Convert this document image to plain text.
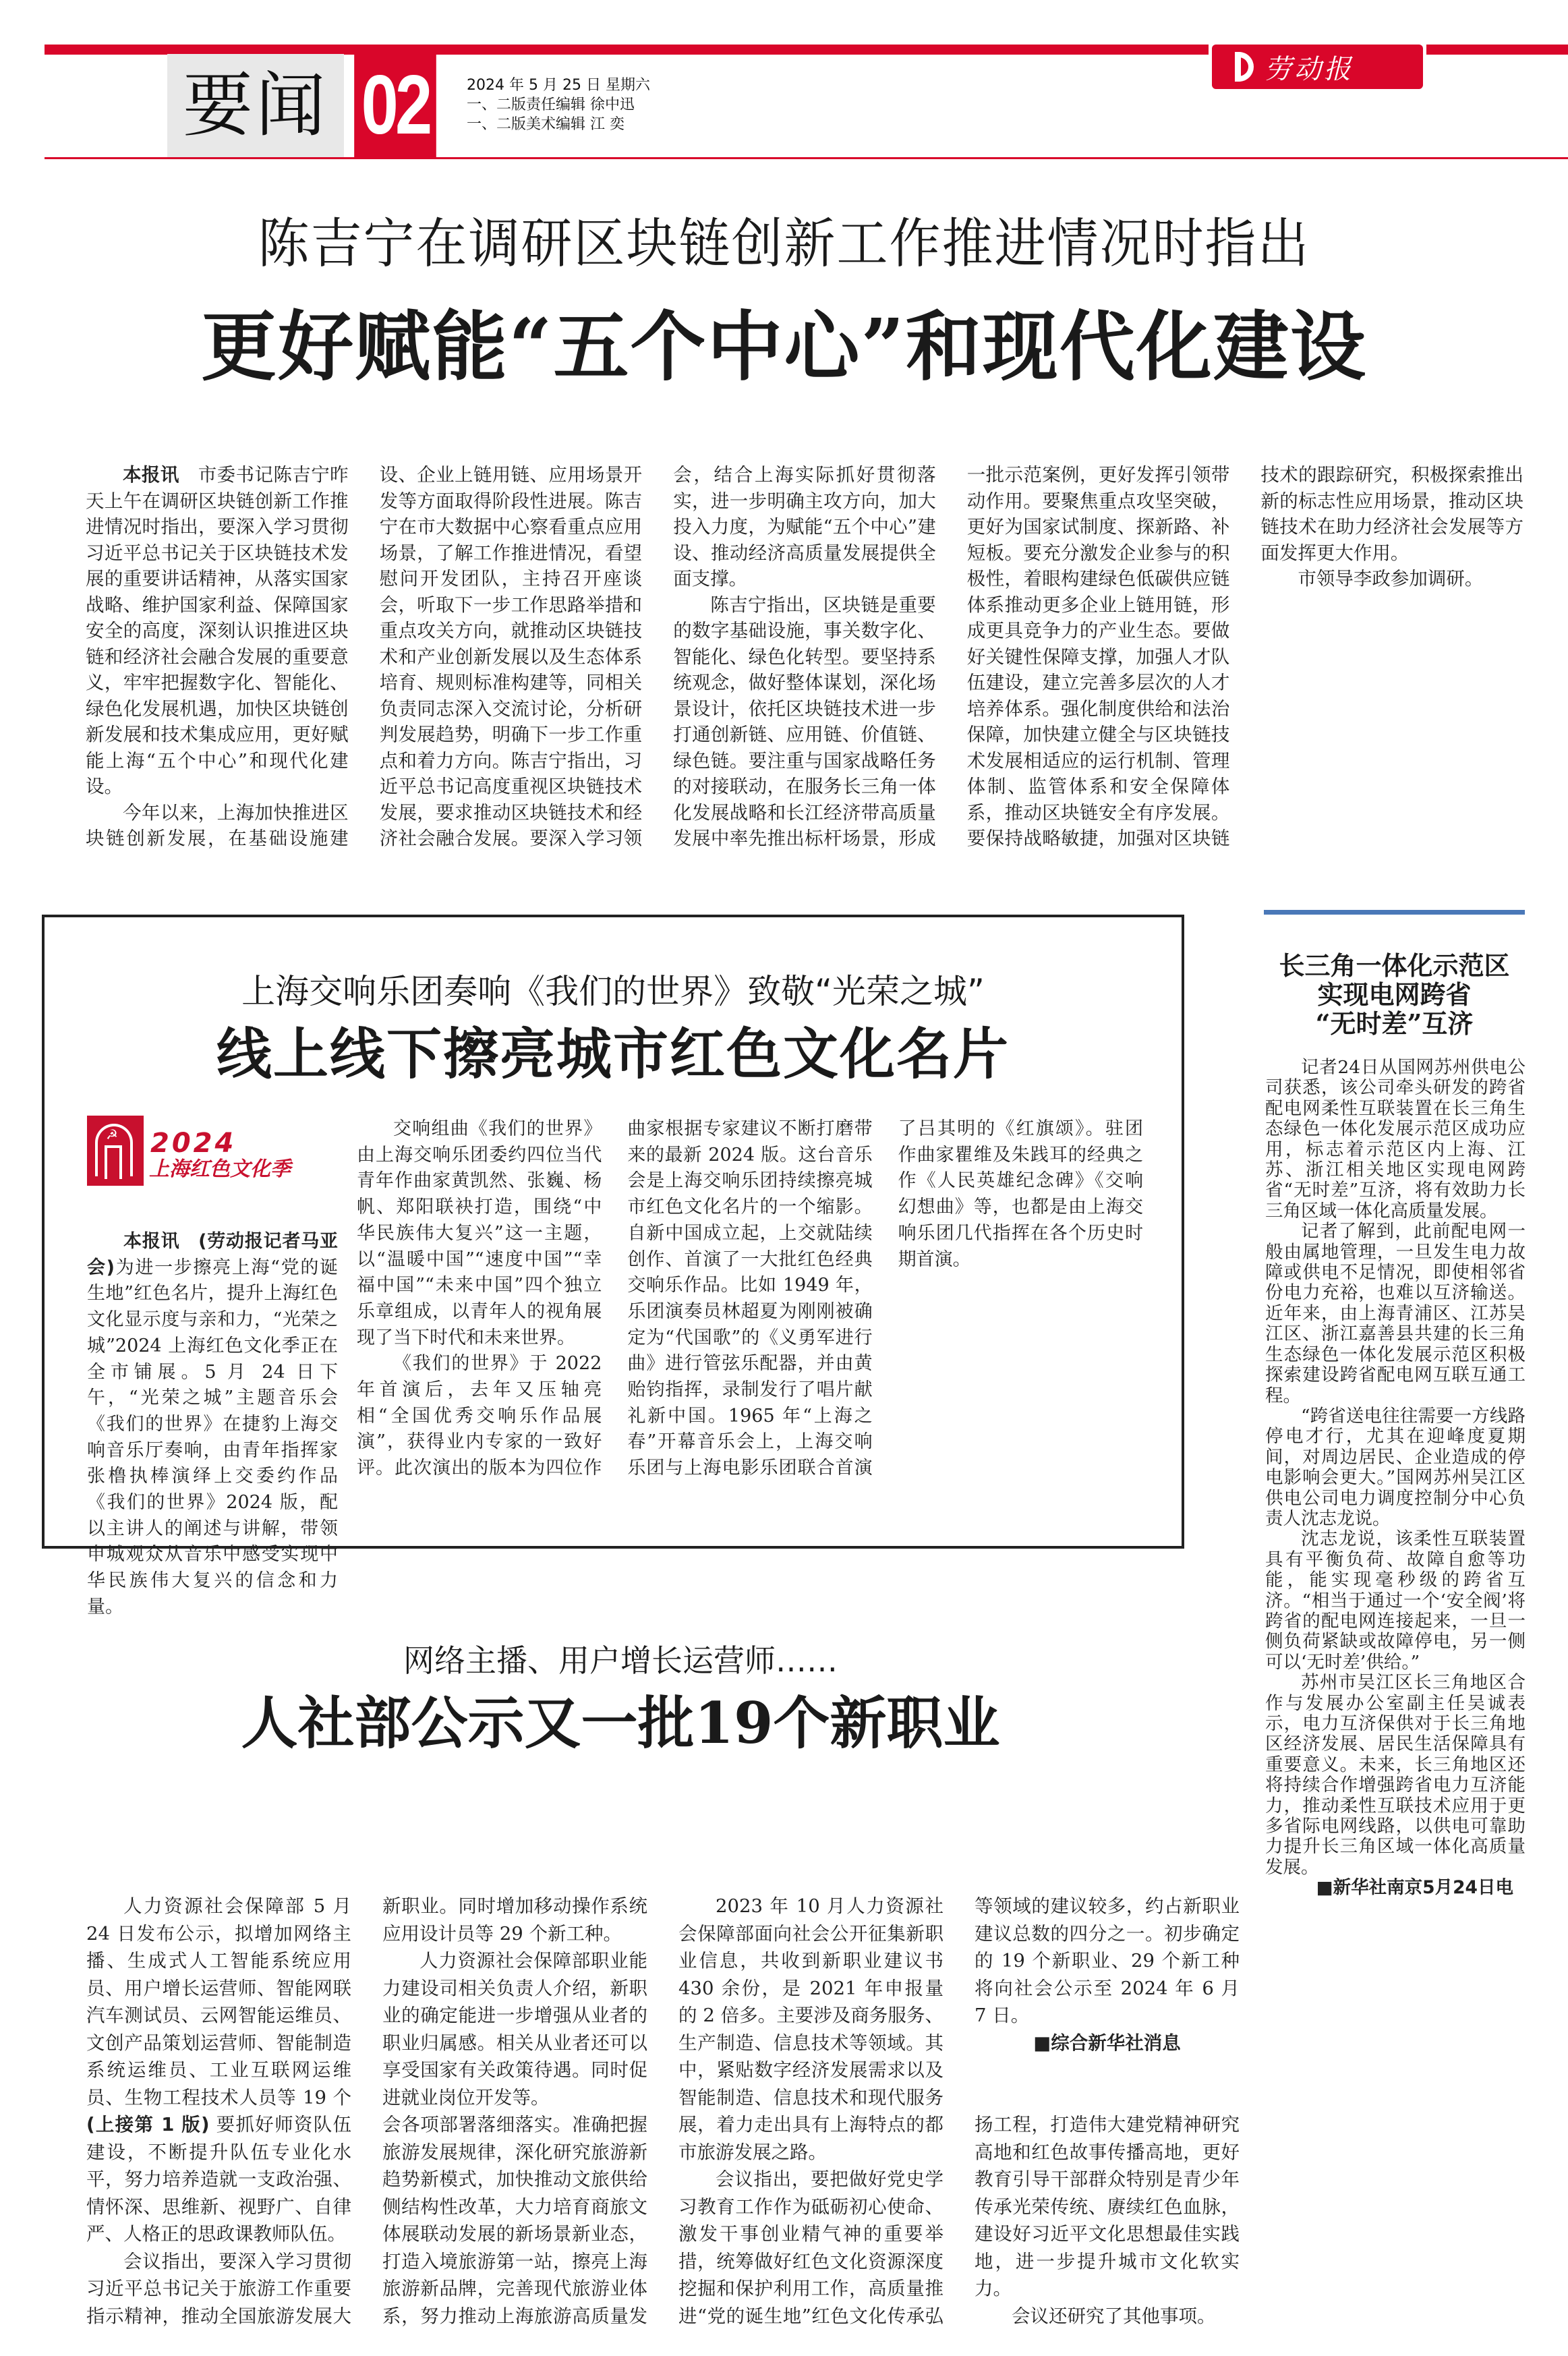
要闻 02	2024 年 5 月 25 日 星期六
一、二版责任编辑 徐中迅
一、二版美术编辑 江 奕
劳动报
陈吉宁在调研区块链创新工作推进情况时指出
更好赋能“五个中心”和现代化建设

本报讯　 市委书记陈吉宁昨天上午在调研区块链创新工作推进情况时指出，要深入学习贯彻习近平总书记关于区块链技术发展的重要讲话精神，从落实国家战略、维护国家利益、保障国家安全的高度，深刻认识推进区块链和经济社会融合发展的重要意义，牢牢把握数字化、智能化、绿色化发展机遇，加快区块链创新发展和技术集成应用，更好赋能上海“五个中心”和现代化建设。

今年以来，上海加快推进区块链创新发展，在基础设施建设、企业上链用链、应用场景开发等方面取得阶段性进展。陈吉宁在市大数据中心察看重点应用场景，了解工作推进情况，看望慰问开发团队，主持召开座谈会，听取下一步工作思路举措和重点攻关方向，就推动区块链技术和产业创新发展以及生态体系培育、规则标准构建等，同相关负责同志深入交流讨论，分析研判发展趋势，明确下一步工作重点和着力方向。陈吉宁指出，习近平总书记高度重视区块链技术发展，要求推动区块链技术和经济社会融合发展。要深入学习领会，结合上海实际抓好贯彻落实，进一步明确主攻方向，加大投入力度，为赋能“五个中心”建设、推动经济高质量发展提供全面支撑。

陈吉宁指出，区块链是重要的数字基础设施，事关数字化、智能化、绿色化转型。要坚持系统观念，做好整体谋划，深化场景设计，依托区块链技术进一步打通创新链、应用链、价值链、绿色链。要注重与国家战略任务的对接联动，在服务长三角一体化发展战略和长江经济带高质量发展中率先推出标杆场景，形成一批示范案例，更好发挥引领带动作用。要聚焦重点攻坚突破，更好为国家试制度、探新路、补短板。要充分激发企业参与的积极性，着眼构建绿色低碳供应链体系推动更多企业上链用链，形成更具竞争力的产业生态。要做好关键性保障支撑，加强人才队伍建设，建立完善多层次的人才培养体系。强化制度供给和法治保障，加快建立健全与区块链技术发展相适应的运行机制、管理体制、监管体系和安全保障体系，推动区块链安全有序发展。要保持战略敏捷，加强对区块链技术的跟踪研究，积极探索推出新的标志性应用场景，推动区块链技术在助力经济社会发展等方面发挥更大作用。

市领导李政参加调研。

上海交响乐团奏响《我们的世界》致敬“光荣之城”
线上线下擦亮城市红色文化名片
☭ 2024
上海红色文化季

本报讯　(劳动报记者马亚会)为进一步擦亮上海“党的诞生地”红色名片，提升上海红色文化显示度与亲和力，“光荣之城”2024 上海红色文化季正在全市铺展。5 月 24 日下午，“光荣之城”主题音乐会《我们的世界》在捷豹上海交响音乐厅奏响，由青年指挥家张橹执棒演绎上交委约作品《我们的世界》2024 版，配以主讲人的阐述与讲解，带领申城观众从音乐中感受实现中华民族伟大复兴的信念和力量。

交响组曲《我们的世界》由上海交响乐团委约四位当代青年作曲家黄凯然、张巍、杨帆、郑阳联袂打造，围绕“中华民族伟大复兴”这一主题，以“温暖中国”“速度中国”“幸福中国”“未来中国”四个独立乐章组成，以青年人的视角展现了当下时代和未来世界。

《我们的世界》于 2022 年首演后，去年又压轴亮相“全国优秀交响乐作品展演”，获得业内专家的一致好评。此次演出的版本为四位作曲家根据专家建议不断打磨带来的最新 2024 版。这台音乐会是上海交响乐团持续擦亮城市红色文化名片的一个缩影。自新中国成立起，上交就陆续创作、首演了一大批红色经典交响乐作品。比如 1949 年，乐团演奏员林超夏为刚刚被确定为“代国歌”的《义勇军进行曲》进行管弦乐配器，并由黄贻钧指挥，录制发行了唱片献礼新中国。1965 年“上海之春”开幕音乐会上，上海交响乐团与上海电影乐团联合首演了吕其明的《红旗颂》。驻团作曲家瞿维及朱践耳的经典之作《人民英雄纪念碑》《交响幻想曲》等，也都是由上海交响乐团几代指挥在各个历史时期首演。

长三角一体化示范区
实现电网跨省
“无时差”互济

记者24日从国网苏州供电公司获悉，该公司牵头研发的跨省配电网柔性互联装置在长三角生态绿色一体化发展示范区成功应用，标志着示范区内上海、江苏、浙江相关地区实现电网跨省“无时差”互济，将有效助力长三角区域一体化高质量发展。

记者了解到，此前配电网一般由属地管理，一旦发生电力故障或供电不足情况，即使相邻省份电力充裕，也难以互济输送。近年来，由上海青浦区、江苏吴江区、浙江嘉善县共建的长三角生态绿色一体化发展示范区积极探索建设跨省配电网互联互通工程。

“跨省送电往往需要一方线路停电才行，尤其在迎峰度夏期间，对周边居民、企业造成的停电影响会更大。”国网苏州吴江区供电公司电力调度控制分中心负责人沈志龙说。

沈志龙说，该柔性互联装置具有平衡负荷、故障自愈等功能，能实现毫秒级的跨省互济。“相当于通过一个‘安全阀’将跨省的配电网连接起来，一旦一侧负荷紧缺或故障停电，另一侧可以‘无时差’供给。”

苏州市吴江区长三角地区合作与发展办公室副主任吴诚表示，电力互济保供对于长三角地区经济发展、居民生活保障具有重要意义。未来，长三角地区还将持续合作增强跨省电力互济能力，推动柔性互联技术应用于更多省际电网线路，以供电可靠助力提升长三角区域一体化高质量发展。

■新华社南京5月24日电

网络主播、用户增长运营师……
人社部公示又一批19个新职业

人力资源社会保障部 5 月 24 日发布公示，拟增加网络主播、生成式人工智能系统应用员、用户增长运营师、智能网联汽车测试员、云网智能运维员、文创产品策划运营师、智能制造系统运维员、工业互联网运维员、生物工程技术人员等 19 个新职业。同时增加移动操作系统应用设计员等 29 个新工种。

人力资源社会保障部职业能力建设司相关负责人介绍，新职业的确定能进一步增强从业者的职业归属感。相关从业者还可以享受国家有关政策待遇。同时促进就业岗位开发等。

2023 年 10 月人力资源社会保障部面向社会公开征集新职业信息，共收到新职业建议书 430 余份，是 2021 年申报量的 2 倍多。主要涉及商务服务、生产制造、信息技术等领域。其中，紧贴数字经济发展需求以及智能制造、信息技术和现代服务等领域的建议较多，约占新职业建议总数的四分之一。初步确定的 19 个新职业、29 个新工种将向社会公示至 2024 年 6 月 7 日。

■综合新华社消息

(上接第 1 版) 要抓好师资队伍建设，不断提升队伍专业化水平，努力培养造就一支政治强、情怀深、思维新、视野广、自律严、人格正的思政课教师队伍。

会议指出，要深入学习贯彻习近平总书记关于旅游工作重要指示精神，推动全国旅游发展大会各项部署落细落实。准确把握旅游发展规律，深化研究旅游新趋势新模式，加快推动文旅供给侧结构性改革，大力培育商旅文体展联动发展的新场景新业态，打造入境旅游第一站，擦亮上海旅游新品牌，完善现代旅游业体系，努力推动上海旅游高质量发展，着力走出具有上海特点的都市旅游发展之路。

会议指出，要把做好党史学习教育工作作为砥砺初心使命、激发干事创业精气神的重要举措，统筹做好红色文化资源深度挖掘和保护利用工作，高质量推进“党的诞生地”红色文化传承弘扬工程，打造伟大建党精神研究高地和红色故事传播高地，更好教育引导干部群众特别是青少年传承光荣传统、赓续红色血脉，建设好习近平文化思想最佳实践地，进一步提升城市文化软实力。

会议还研究了其他事项。
